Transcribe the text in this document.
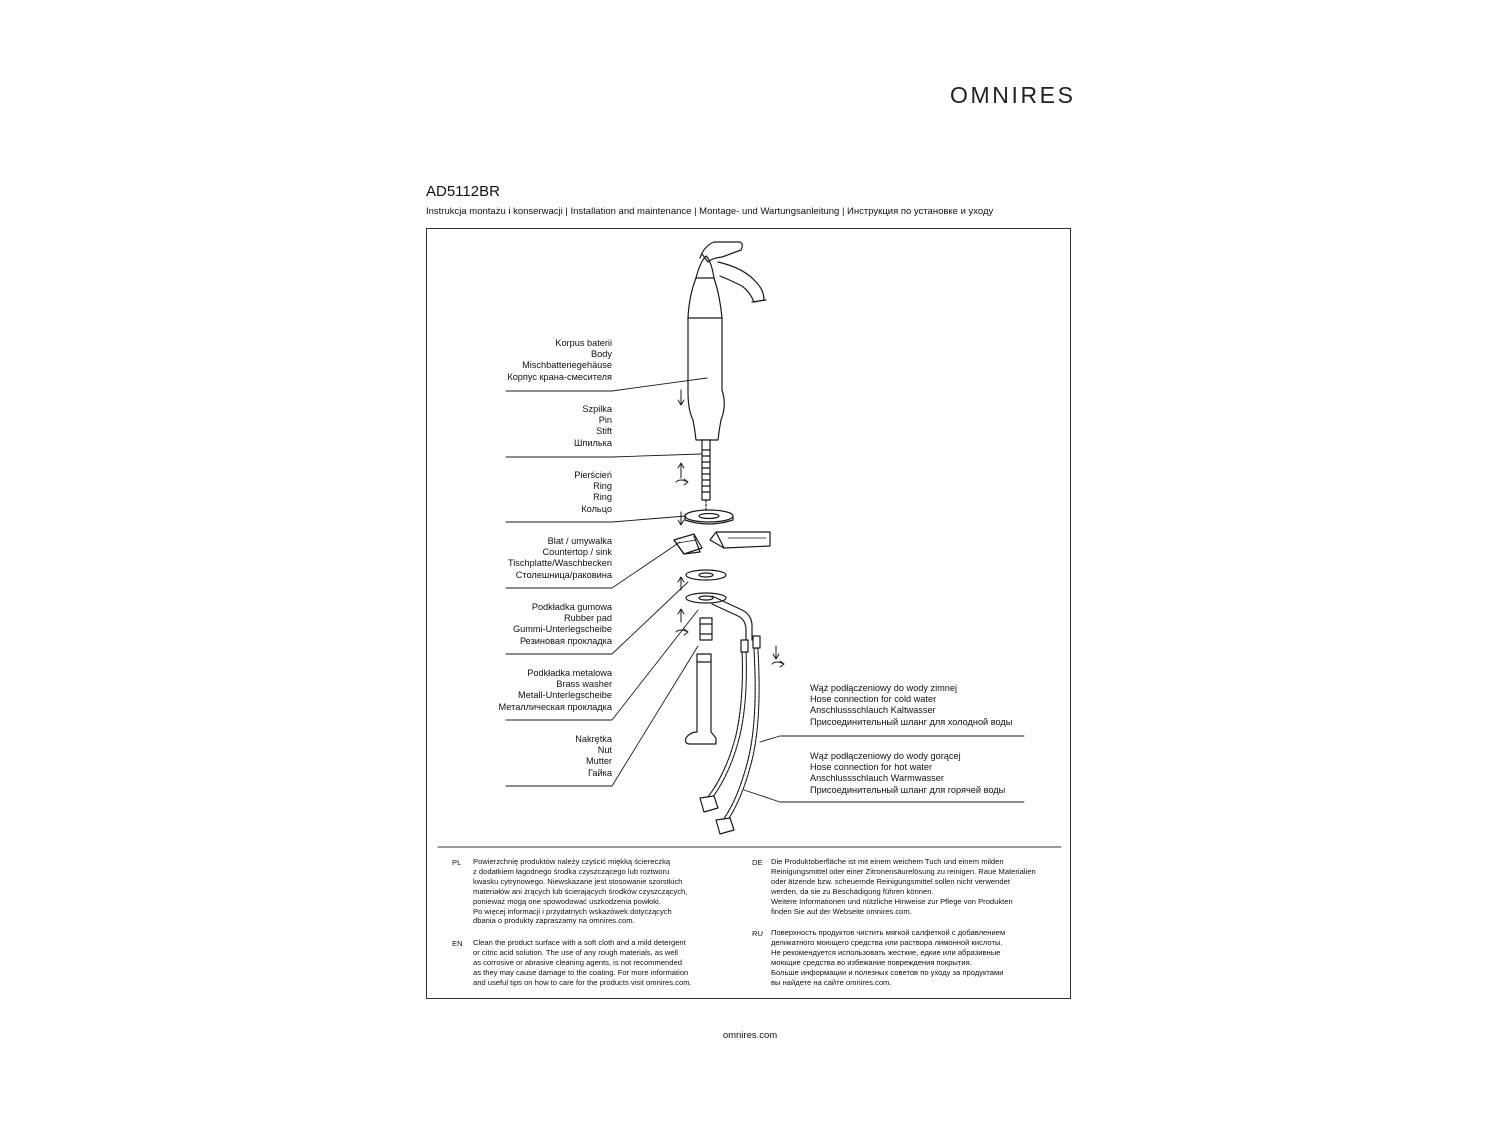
OMNIRES
AD5112BR
Instrukcja montażu i konserwacji | Installation and maintenance | Montage- und Wartungsanleitung | Инструкция по установке и уходу
Korpus baterii
Body
Mischbatteriegehäuse
Корпус крана-смесителя
Szpilka
Pin
Stift
Шпилька
Pierścień
Ring
Ring
Кольцо
Blat / umywalka
Countertop / sink
Tischplatte/Waschbecken
Столешница/раковина
Podkładka gumowa
Rubber pad
Gummi-Unterlegscheibe
Резиновая прокладка
Podkładka metalowa
Brass washer
Metall-Unterlegscheibe
Металлическая прокладка
Nakrętka
Nut
Mutter
Гайка
Wąż podłączeniowy do wody zimnej
Hose connection for cold water
Anschlussschlauch Kaltwasser
Присоединительный шланг для холодной воды
Wąż podłączeniowy do wody gorącej
Hose connection for hot water
Anschlussschlauch Warmwasser
Присоединительный шланг для горячей воды
PL Powierzchnię produktów należy czyścić miękką ściereczką
z dodatkiem łagodnego środka czyszczącego lub roztworu
kwasku cytrynowego. Niewskazane jest stosowanie szorstkich
materiałów ani żrących lub ścierających środków czyszczących,
ponieważ mogą one spowodować uszkodzenia powłoki.
Po więcej informacji i przydatnych wskazówek dotyczących
dbania o produkty zapraszamy na omnires.com.
EN Clean the product surface with a soft cloth and a mild detergent
or citric acid solution. The use of any rough materials, as well
as corrosive or abrasive cleaning agents, is not recommended
as they may cause damage to the coating. For more information
and useful tips on how to care for the products visit omnires.com.
DE Die Produktoberfläche ist mit einem weichem Tuch und einem milden
Reinigungsmittel oder einer Zitronensäurelösung zu reinigen. Raue Materialien
oder ätzende bzw. scheuernde Reinigungsmittel sollen nicht verwendet
werden, da sie zu Beschädigung führen können.
Weitere Informationen und nützliche Hinweise zur Pflege von Produkten
finden Sie auf der Webseite omnires.com.
RU Поверхность продуктов чистить мягкой салфеткой с добавлением
деликатного моющего средства или раствора лимонной кислоты.
Не рекомендуется использовать жесткие, едкие или абразивные
моющие средства во избежание повреждения покрытия.
Больше информации и полезных советов по уходу за продуктами
вы найдете на сайте omnires.com.
omnires.com
